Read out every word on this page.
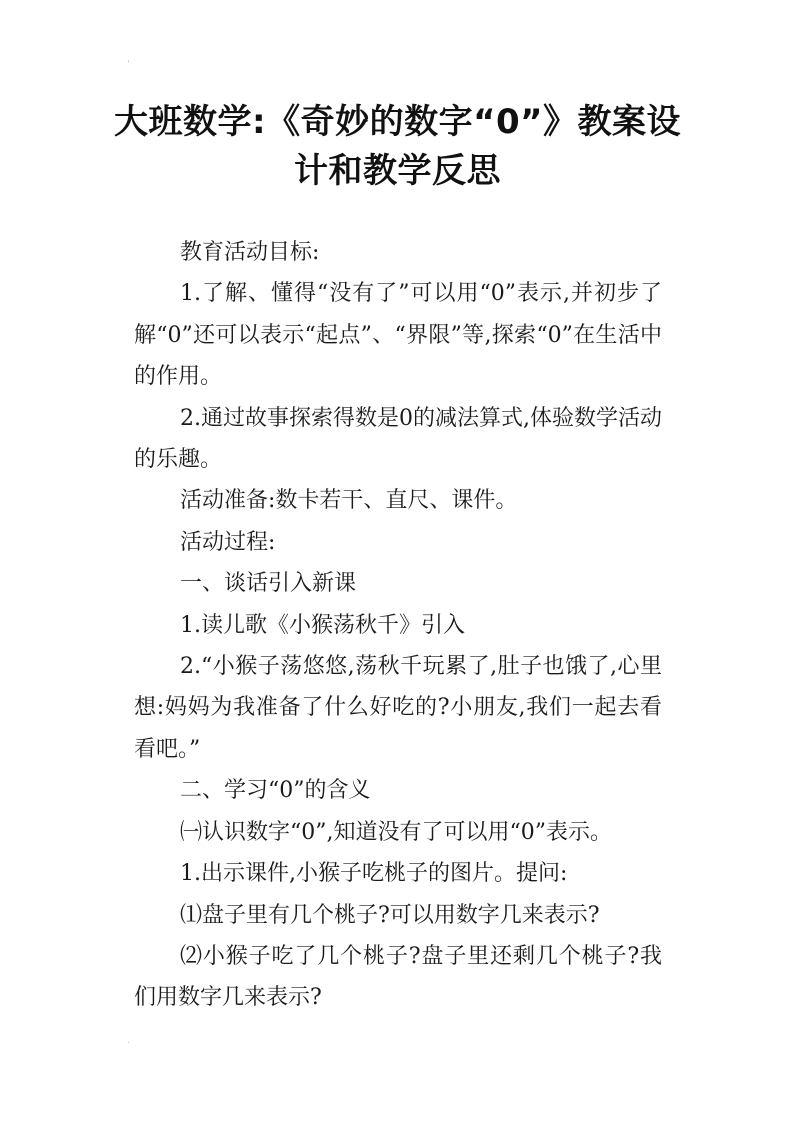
'
大班数学:《奇妙的数字“0”》教案设计和教学反思

教育活动目标:

1.了解、懂得“没有了”可以用“0”表示,并初步了解“0”还可以表示“起点”、“界限”等,探索“0”在生活中的作用。

2.通过故事探索得数是0的减法算式,体验数学活动的乐趣。

活动准备:数卡若干、直尺、课件。

活动过程:

一、谈话引入新课

1.读儿歌《小猴荡秋千》引入

2.“小猴子荡悠悠,荡秋千玩累了,肚子也饿了,心里想:妈妈为我准备了什么好吃的?小朋友,我们一起去看看吧。”

二、学习“0”的含义

㈠认识数字“0”,知道没有了可以用“0”表示。

1.出示课件,小猴子吃桃子的图片。提问:

⑴盘子里有几个桃子?可以用数字几来表示?

⑵小猴子吃了几个桃子?盘子里还剩几个桃子?我们用数字几来表示?

.
